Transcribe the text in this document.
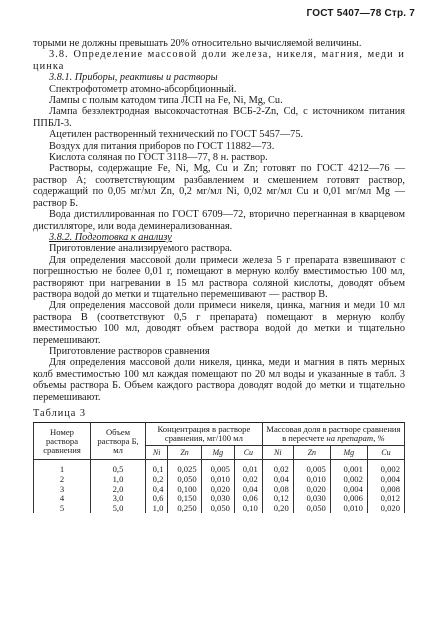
ГОСТ 5407—78 Стр. 7

торыми не должны превышать 20% относительно вычисляемой величины.

3.8. Определение массовой доли железа, никеля, магния, меди и цинка

3.8.1. Приборы, реактивы и растворы

Спектрофотометр атомно-абсорбционный.

Лампы с полым катодом типа ЛСП на Fe, Ni, Mg, Cu.

Лампа безэлектродная высокочастотная ВСБ-2-Zn, Cd, с источником питания ППБЛ-3.

Ацетилен растворенный технический по ГОСТ 5457—75.

Воздух для питания приборов по ГОСТ 11882—73.

Кислота соляная по ГОСТ 3118—77, 8 н. раствор.

Растворы, содержащие Fe, Ni, Mg, Cu и Zn; готовят по ГОСТ 4212—76 — раствор А; соответствующим разбавлением и смешением готовят раствор, содержащий по 0,05 мг/мл Zn, 0,2 мг/мл Ni, 0,02 мг/мл Cu и 0,01 мг/мл Mg — раствор Б.

Вода дистиллированная по ГОСТ 6709—72, вторично перегнанная в кварцевом дистилляторе, или вода деминерализованная.

3.8.2. Подготовка к анализу

Приготовление анализируемого раствора.

Для определения массовой доли примеси железа 5 г препарата взвешивают с погрешностью не более 0,01 г, помещают в мерную колбу вместимостью 100 мл, растворяют при нагревании в 15 мл раствора соляной кислоты, доводят объем раствора водой до метки и тщательно перемешивают — раствор В.

Для определения массовой доли примеси никеля, цинка, магния и меди 10 мл раствора В (соответствуют 0,5 г препарата) помещают в мерную колбу вместимостью 100 мл, доводят объем раствора водой до метки и тщательно перемешивают.

Приготовление растворов сравнения

Для определения массовой доли никеля, цинка, меди и магния в пять мерных колб вместимостью 100 мл каждая помещают по 20 мл воды и указанные в табл. 3 объемы раствора Б. Объем каждого раствора доводят водой до метки и тщательно перемешивают.

Таблица 3

Номер раствора сравнения	Объем раствора Б, мл	Концентрация в растворе сравнения, мг/100 мл				Массовая доля в растворе сравнения в пересчете на препарат, %			
		Ni	Zn	Mg	Cu	Ni	Zn	Mg	Cu
1	0,5	0,1	0,025	0,005	0,01	0,02	0,005	0,001	0,002
2	1,0	0,2	0,050	0,010	0,02	0,04	0,010	0,002	0,004
3	2,0	0,4	0,100	0,020	0,04	0,08	0,020	0,004	0,008
4	3,0	0,6	0,150	0,030	0,06	0,12	0,030	0,006	0,012
5	5,0	1,0	0,250	0,050	0,10	0,20	0,050	0,010	0,020
